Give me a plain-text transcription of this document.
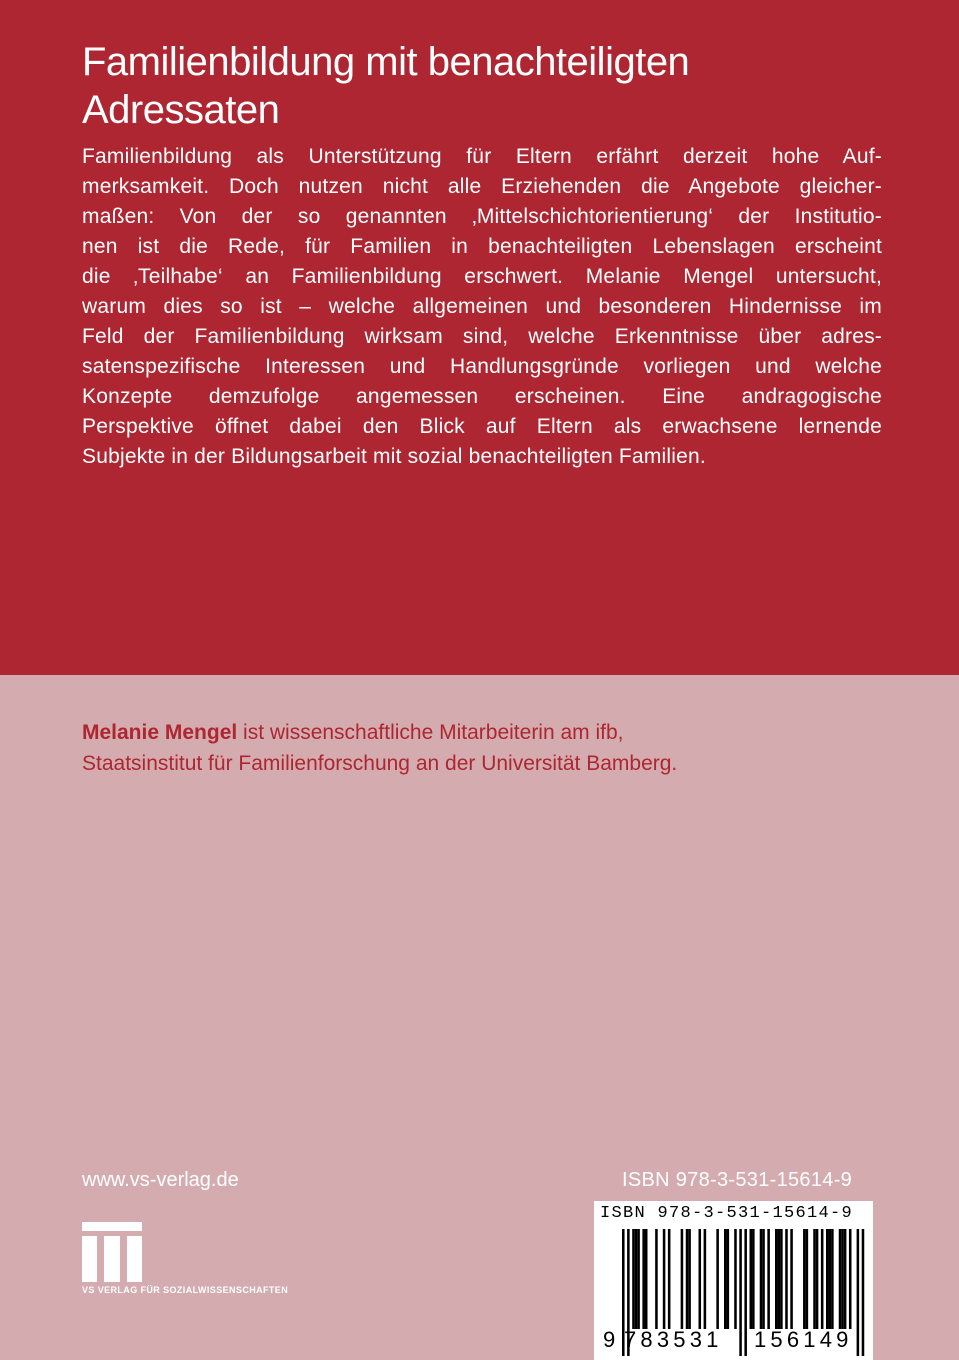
Familienbildung mit benachteiligten
Adressaten
Familienbildung als Unterstützung für Eltern erfährt derzeit hohe Auf-
merksamkeit. Doch nutzen nicht alle Erziehenden die Angebote gleicher-
maßen: Von der so genannten ‚Mittelschichtorientierung‘ der Institutio-
nen ist die Rede, für Familien in benachteiligten Lebenslagen erscheint
die ‚Teilhabe‘ an Familienbildung erschwert. Melanie Mengel untersucht,
warum dies so ist – welche allgemeinen und besonderen Hindernisse im
Feld der Familienbildung wirksam sind, welche Erkenntnisse über adres-
satenspezifische Interessen und Handlungsgründe vorliegen und welche
Konzepte demzufolge angemessen erscheinen. Eine andragogische
Perspektive öffnet dabei den Blick auf Eltern als erwachsene lernende
Subjekte in der Bildungsarbeit mit sozial benachteiligten Familien.
Melanie Mengel ist wissenschaftliche Mitarbeiterin am ifb,
Staatsinstitut für Familienforschung an der Universität Bamberg.
www.vs-verlag.de	ISBN 978-3-531-15614-9
VS VERLAG FÜR SOZIALWISSENSCHAFTEN
ISBN 978-3-531-15614-9
9 783531 156149
